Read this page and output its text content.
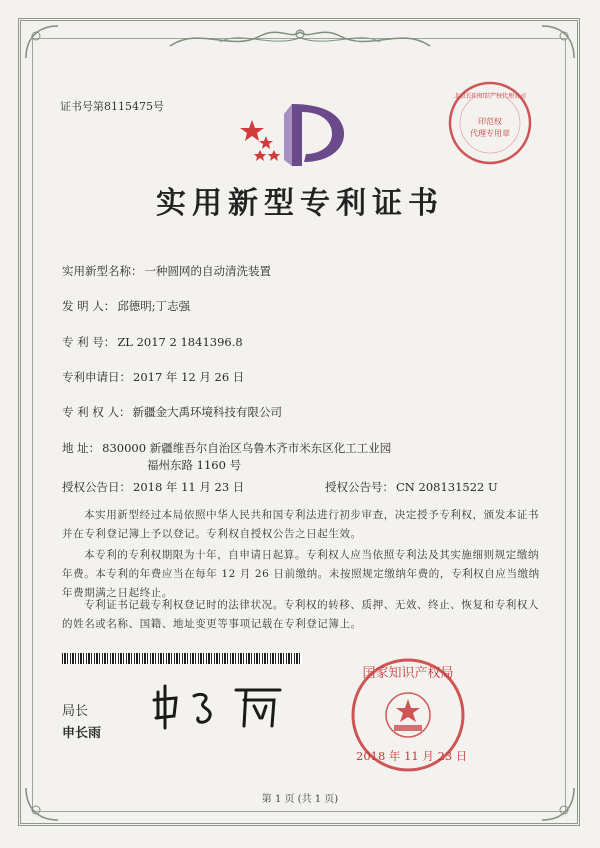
证书号第8115475号
印范权
代理专用章
北京长阳知识产权代理公司
实用新型专利证书
实用新型名称： 一种圆网的自动清洗装置
发 明 人： 邱德明;丁志强
专 利 号： ZL 2017 2 1841396.8
专利申请日： 2017 年 12 月 26 日
专 利 权 人： 新疆金大禹环境科技有限公司
地 址： 830000 新疆维吾尔自治区乌鲁木齐市米东区化工工业园
福州东路 1160 号
授权公告日： 2018 年 11 月 23 日	授权公告号： CN 208131522 U
本实用新型经过本局依照中华人民共和国专利法进行初步审查，决定授予专利权，颁发本证书并在专利登记簿上予以登记。专利权自授权公告之日起生效。
本专利的专利权期限为十年，自申请日起算。专利权人应当依照专利法及其实施细则规定缴纳年费。本专利的年费应当在每年 12 月 26 日前缴纳。未按照规定缴纳年费的，专利权自应当缴纳年费期满之日起终止。
专利证书记载专利权登记时的法律状况。专利权的转移、质押、无效、终止、恢复和专利权人的姓名或名称、国籍、地址变更等事项记载在专利登记簿上。
局长
申长雨
国家知识产权局
2018 年 11 月 23 日
第 1 页 (共 1 页)
